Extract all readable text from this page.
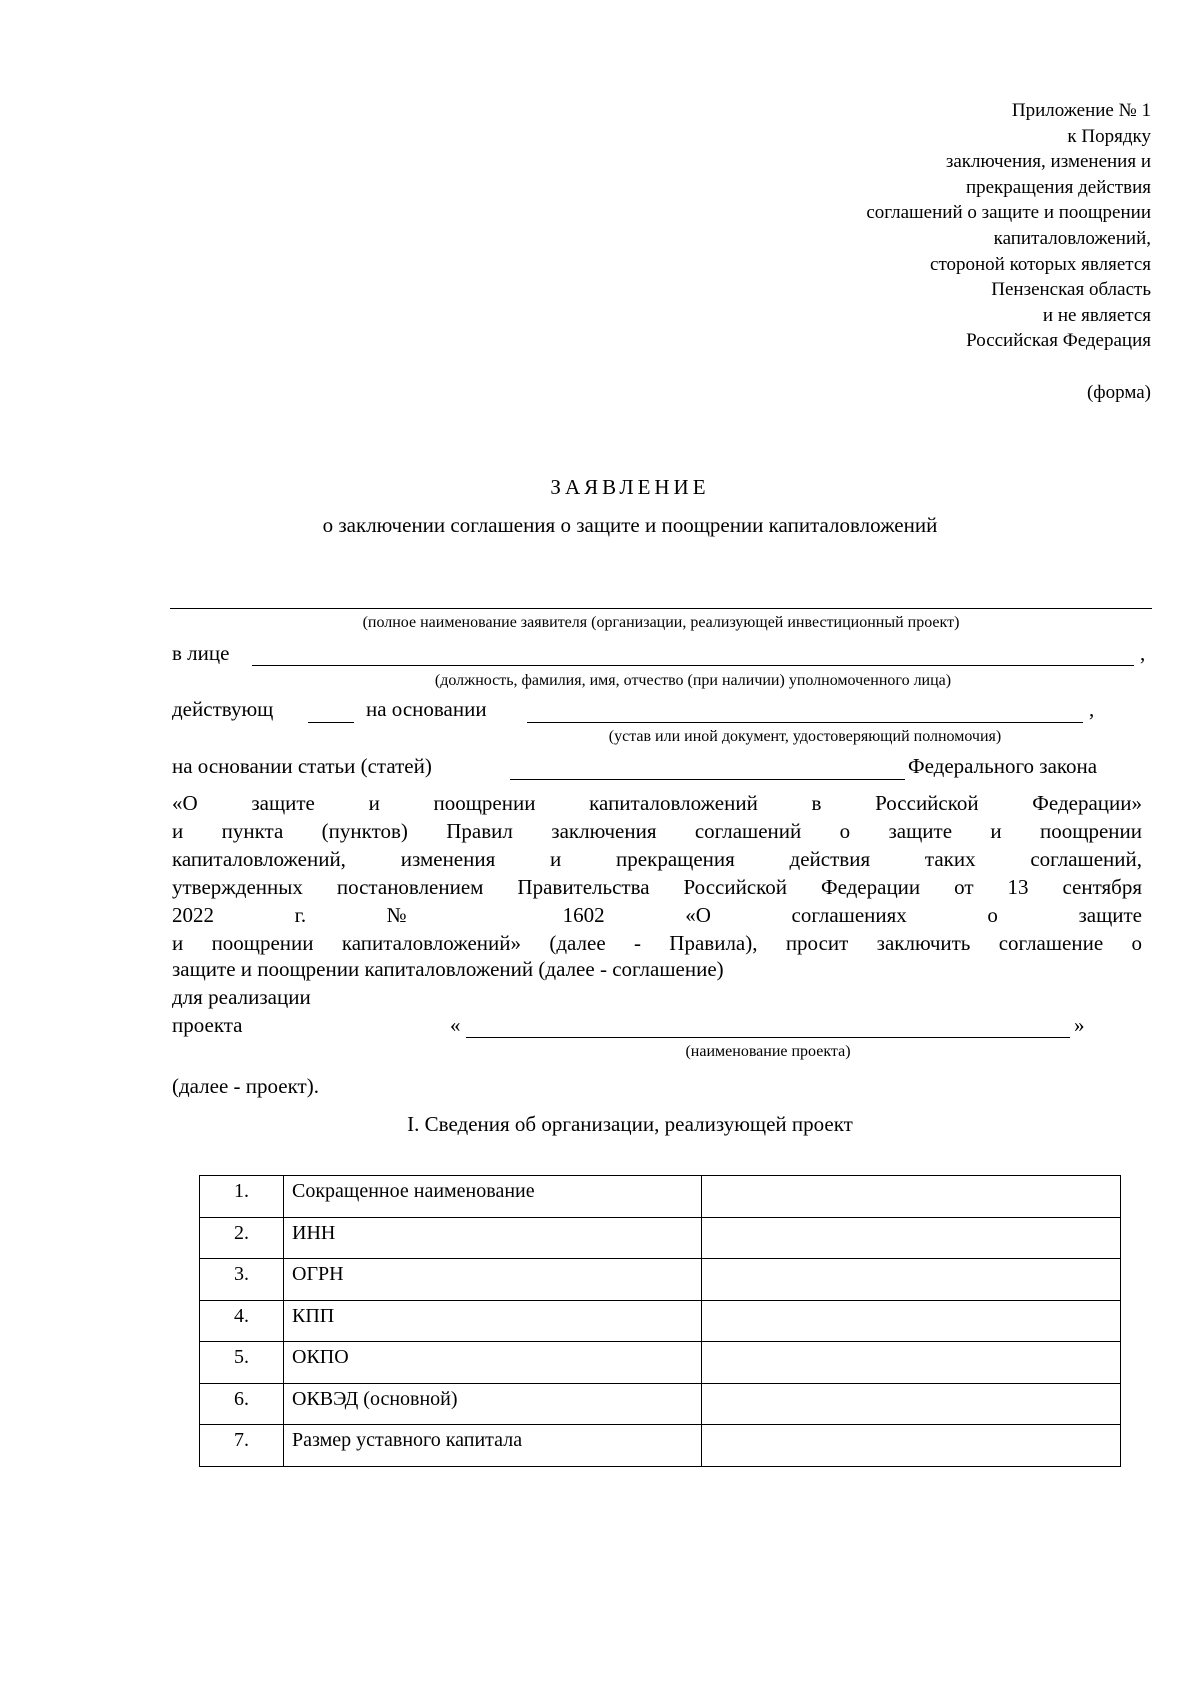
Приложение № 1
к Порядку
заключения, изменения и
прекращения действия
соглашений о защите и поощрении
капиталовложений,
стороной которых является
Пензенская область
и не является
Российская Федерация
(форма)
ЗАЯВЛЕНИЕ
о заключении соглашения о защите и поощрении капиталовложений
(полное наименование заявителя (организации, реализующей инвестиционный проект)
в лице	,
(должность, фамилия, имя, отчество (при наличии) уполномоченного лица)
действующ	на основании	,
(устав или иной документ, удостоверяющий полномочия)
на основании статьи (статей)	Федерального закона
«О защите и поощрении капиталовложений в Российской Федерации»
и пункта (пунктов) Правил заключения соглашений о защите и поощрении
капиталовложений, изменения и прекращения действия таких соглашений,
утвержденных постановлением Правительства Российской Федерации от 13 сентября
2022 г. № 1602 «О соглашениях о защите
и поощрении капиталовложений» (далее - Правила), просит заключить соглашение о
защите и поощрении капиталовложений (далее - соглашение)
для реализации
проекта	«	»
(наименование проекта)
(далее - проект).
I. Сведения об организации, реализующей проект
1.	Сокращенное наименование	
2.	ИНН	
3.	ОГРН	
4.	КПП	
5.	ОКПО	
6.	ОКВЭД (основной)	
7.	Размер уставного капитала	
